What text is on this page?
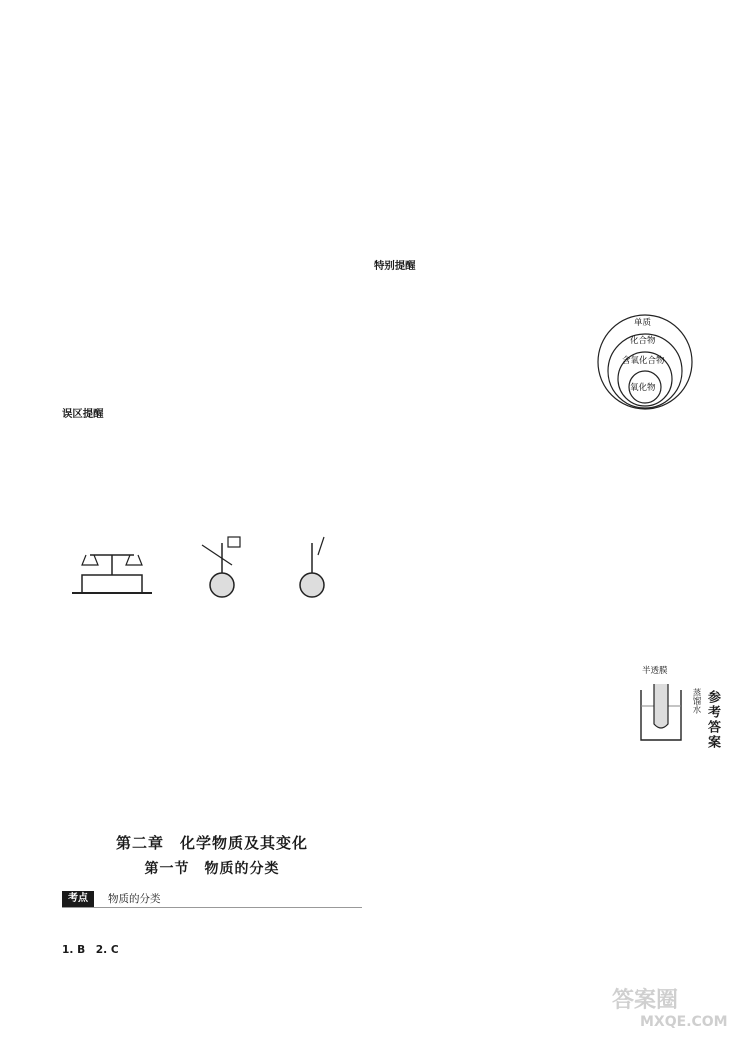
误区提醒
第二章　化学物质及其变化
第一节　物质的分类
考点	物质的分类
1. B　2. C

特别提醒
单质
化合物
含氧化合物
氧化物
半透膜
蒸馏水 参考答案
答案圈
MXQE.COM
